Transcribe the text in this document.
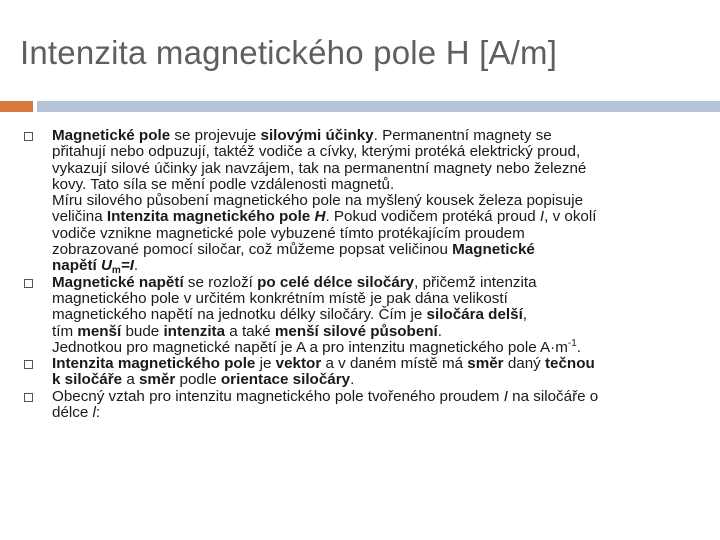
Intenzita magnetického pole H [A/m]
Magnetické pole se projevuje silovými účinky. Permanentní magnety se
přitahují nebo odpuzují, taktéž vodiče a cívky, kterými protéká elektrický proud,
vykazují silové účinky jak navzájem, tak na permanentní magnety nebo železné
kovy. Tato síla se mění podle vzdálenosti magnetů.
Míru silového působení magnetického pole na myšlený kousek železa popisuje
veličina Intenzita magnetického pole H. Pokud vodičem protéká proud I, v okolí
vodiče vznikne magnetické pole vybuzené tímto protékajícím proudem
zobrazované pomocí siločar, což můžeme popsat veličinou Magnetické
napětí $U_m=I$.
Magnetické napětí se rozloží po celé délce siločáry, přičemž intenzita
magnetického pole v určitém konkrétním místě je pak dána velikostí
magnetického napětí na jednotku délky siločáry. Čím je siločára delší,
tím menší bude intenzita a také menší silové působení.
Jednotkou pro magnetické napětí je A a pro intenzitu magnetického pole $A\cdot m^{-1}$.
Intenzita magnetického pole je vektor a v daném místě má směr daný tečnou
k siločáře a směr podle orientace siločáry.
Obecný vztah pro intenzitu magnetického pole tvořeného proudem I na siločáře o
délce l:
